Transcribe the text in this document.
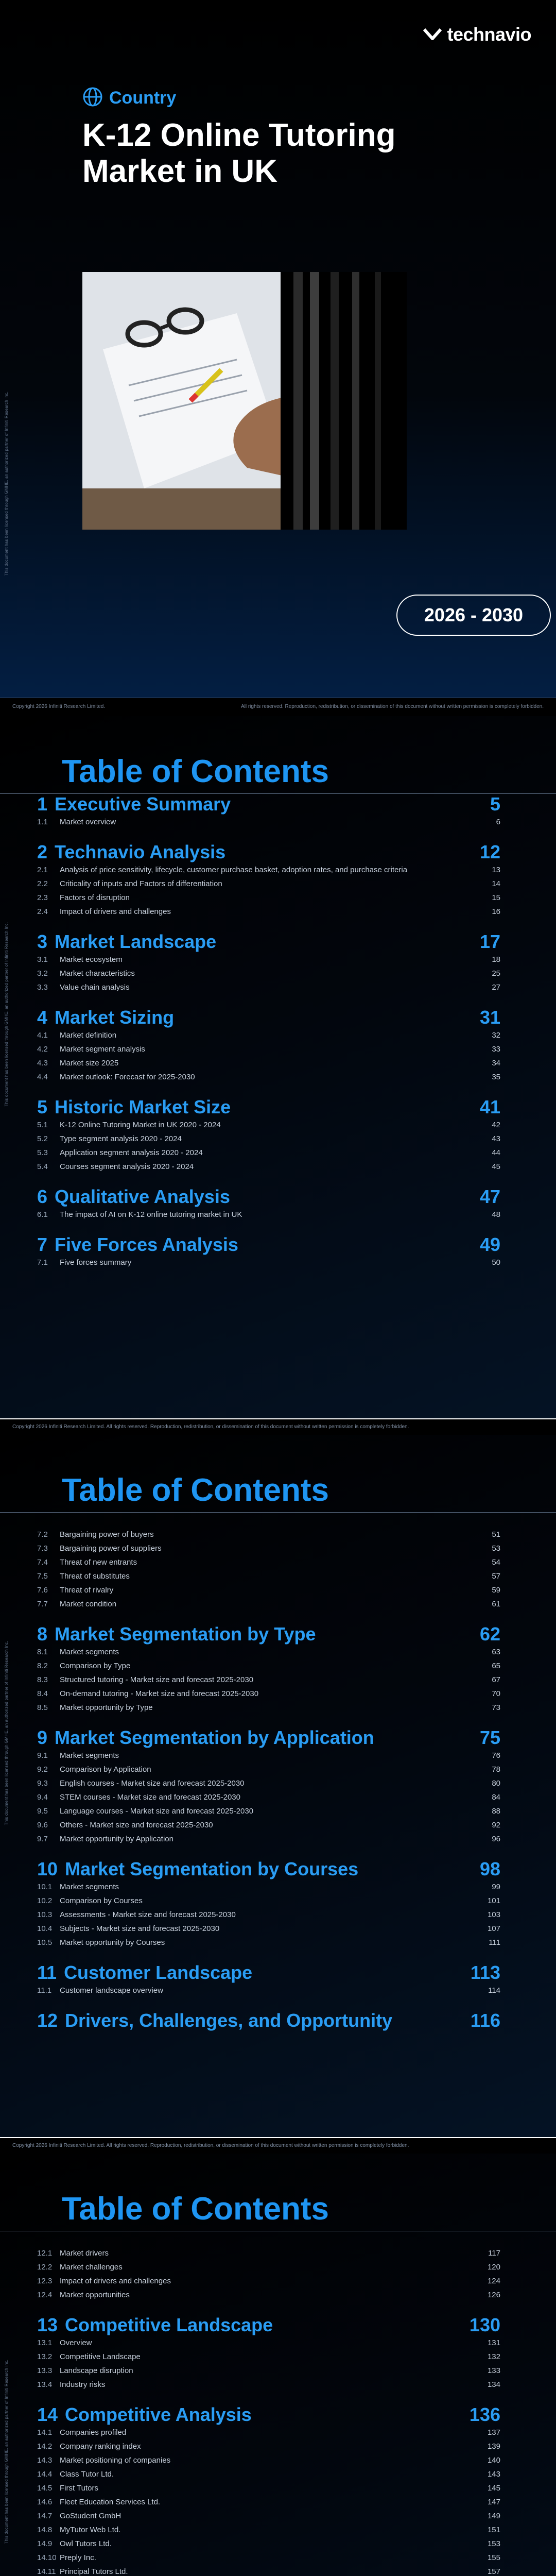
technavio
Country
K-12 Online Tutoring Market in UK
2026 - 2030
This document has been licensed through GMHE, an authorized partner of Infiniti Research Inc.
Copyright 2026 Infiniti Research Limited.	All rights reserved. Reproduction, redistribution, or dissemination of this document without written permission is completely forbidden.
Table of Contents
1 Executive Summary	5
1.1 Market overview	6
2 Technavio Analysis	12
2.1 Analysis of price sensitivity, lifecycle, customer purchase basket, adoption rates, and purchase criteria	13
2.2 Criticality of inputs and Factors of differentiation	14
2.3 Factors of disruption	15
2.4 Impact of drivers and challenges	16
3 Market Landscape	17
3.1 Market ecosystem	18
3.2 Market characteristics	25
3.3 Value chain analysis	27
4 Market Sizing	31
4.1 Market definition	32
4.2 Market segment analysis	33
4.3 Market size 2025	34
4.4 Market outlook: Forecast for 2025-2030	35
5 Historic Market Size	41
5.1 K-12 Online Tutoring Market in UK 2020 - 2024	42
5.2 Type segment analysis 2020 - 2024	43
5.3 Application segment analysis 2020 - 2024	44
5.4 Courses segment analysis 2020 - 2024	45
6 Qualitative Analysis	47
6.1 The impact of AI on K-12 online tutoring market in UK	48
7 Five Forces Analysis	49
7.1 Five forces summary	50
This document has been licensed through GMHE, an authorized partner of Infiniti Research Inc.
Copyright 2026 Infiniti Research Limited. All rights reserved. Reproduction, redistribution, or dissemination of this document without written permission is completely forbidden.
Table of Contents
7.2 Bargaining power of buyers	51
7.3 Bargaining power of suppliers	53
7.4 Threat of new entrants	54
7.5 Threat of substitutes	57
7.6 Threat of rivalry	59
7.7 Market condition	61
8 Market Segmentation by Type	62
8.1 Market segments	63
8.2 Comparison by Type	65
8.3 Structured tutoring - Market size and forecast 2025-2030	67
8.4 On-demand tutoring - Market size and forecast 2025-2030	70
8.5 Market opportunity by Type	73
9 Market Segmentation by Application	75
9.1 Market segments	76
9.2 Comparison by Application	78
9.3 English courses - Market size and forecast 2025-2030	80
9.4 STEM courses - Market size and forecast 2025-2030	84
9.5 Language courses - Market size and forecast 2025-2030	88
9.6 Others - Market size and forecast 2025-2030	92
9.7 Market opportunity by Application	96
10 Market Segmentation by Courses	98
10.1 Market segments	99
10.2 Comparison by Courses	101
10.3 Assessments - Market size and forecast 2025-2030	103
10.4 Subjects - Market size and forecast 2025-2030	107
10.5 Market opportunity by Courses	111
11 Customer Landscape	113
11.1 Customer landscape overview	114
12 Drivers, Challenges, and Opportunity	116
This document has been licensed through GMHE, an authorized partner of Infiniti Research Inc.
Copyright 2026 Infiniti Research Limited. All rights reserved. Reproduction, redistribution, or dissemination of this document without written permission is completely forbidden.
Table of Contents
12.1 Market drivers	117
12.2 Market challenges	120
12.3 Impact of drivers and challenges	124
12.4 Market opportunities	126
13 Competitive Landscape	130
13.1 Overview	131
13.2 Competitive Landscape	132
13.3 Landscape disruption	133
13.4 Industry risks	134
14 Competitive Analysis	136
14.1 Companies profiled	137
14.2 Company ranking index	139
14.3 Market positioning of companies	140
14.4 Class Tutor Ltd.	143
14.5 First Tutors	145
14.6 Fleet Education Services Ltd.	147
14.7 GoStudent GmbH	149
14.8 MyTutor Web Ltd.	151
14.9 Owl Tutors Ltd.	153
14.10 Preply Inc.	155
14.11 Principal Tutors Ltd.	157
This document has been licensed through GMHE, an authorized partner of Infiniti Research Inc.
